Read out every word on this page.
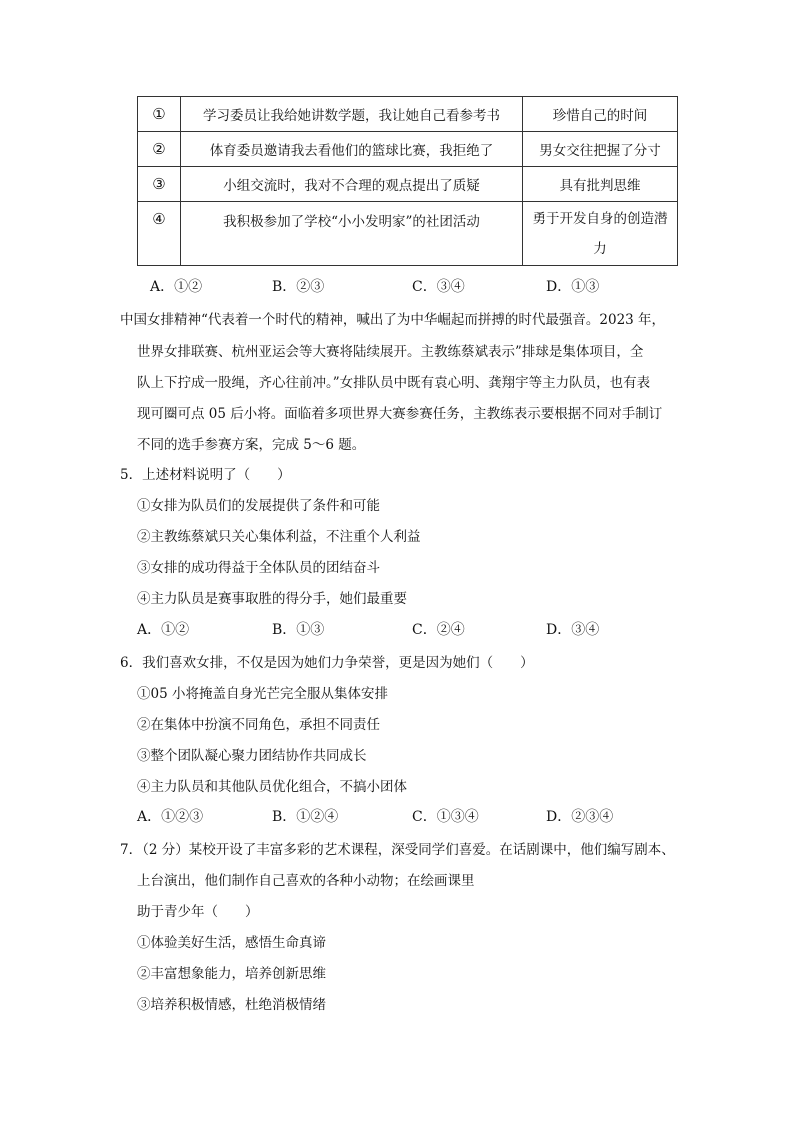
①	学习委员让我给她讲数学题，我让她自己看参考书	珍惜自己的时间
②	体育委员邀请我去看他们的篮球比赛，我拒绝了	男女交往把握了分寸
③	小组交流时，我对不合理的观点提出了质疑	具有批判思维
④	我积极参加了学校“小小发明家”的社团活动	勇于开发自身的创造潜力
A．①②	B．②③	C．③④	D．①③
中国女排精神“代表着一个时代的精神，喊出了为中华崛起而拼搏的时代最强音。2023 年，
世界女排联赛、杭州亚运会等大赛将陆续展开。主教练蔡斌表示”排球是集体项目，全
队上下拧成一股绳，齐心往前冲。”女排队员中既有袁心明、龚翔宇等主力队员，也有表
现可圈可点 05 后小将。面临着多项世界大赛参赛任务，主教练表示要根据不同对手制订
不同的选手参赛方案，完成 5～6 题。
5．上述材料说明了（　　）
①女排为队员们的发展提供了条件和可能
②主教练蔡斌只关心集体利益，不注重个人利益
③女排的成功得益于全体队员的团结奋斗
④主力队员是赛事取胜的得分手，她们最重要
A．①②	B．①③	C．②④	D．③④
6．我们喜欢女排，不仅是因为她们力争荣誉，更是因为她们（　　）
①05 小将掩盖自身光芒完全服从集体安排
②在集体中扮演不同角色，承担不同责任
③整个团队凝心聚力团结协作共同成长
④主力队员和其他队员优化组合，不搞小团体
A．①②③	B．①②④	C．①③④	D．②③④
7．（2 分）某校开设了丰富多彩的艺术课程，深受同学们喜爱。在话剧课中，他们编写剧本、
上台演出，他们制作自己喜欢的各种小动物；在绘画课里
助于青少年（　　）
①体验美好生活，感悟生命真谛
②丰富想象能力，培养创新思维
③培养积极情感，杜绝消极情绪
